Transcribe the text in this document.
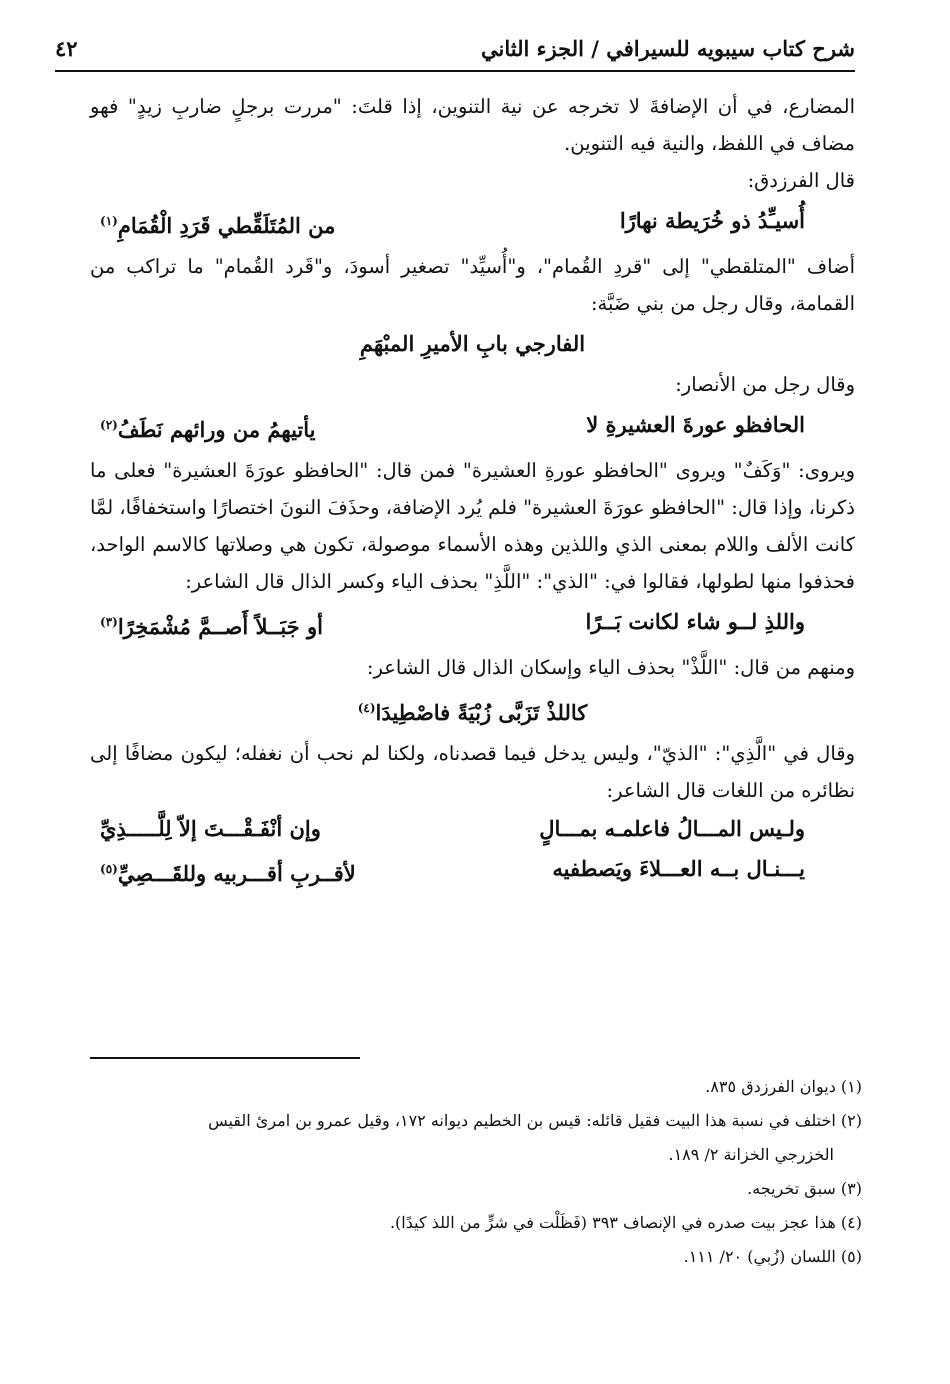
شرح كتاب سيبويه للسيرافي / الجزء الثاني
٤٢

المضارع، في أن الإضافةَ لا تخرجه عن نية التنوين، إذا قلتَ: "مررت برجلٍ ضاربِ زيدٍ" فهو مضاف في اللفظ، والنية فيه التنوين.

قال الفرزدق:

أُسيـِّدُ ذو خُرَيطة نهارًا
من المُتَلَقِّطي قَرَدِ الْقُمَامِ$^{(١)}$

أضاف "المتلقطي" إلى "قردِ القُمام"، و"أُسيِّد" تصغير أسودَ، و"قَرد القُمام" ما تراكب من القمامة، وقال رجل من بني ضَبَّة:

الفارجي بابِ الأميرِ المبْهَمِ

وقال رجل من الأنصار:

الحافظو عورةَ العشيرةِ لا
يأتيهمُ من ورائهم نَطَفُ$^{(٢)}$

ويروى: "وَكَفٌ" ويروى "الحافظو عورةِ العشيرة" فمن قال: "الحافظو عورَةَ العشيرة" فعلى ما ذكرنا، وإذا قال: "الحافظو عورَةَ العشيرة" فلم يُرد الإضافة، وحذَفَ النونَ اختصارًا واستخفافًا، لمَّا كانت الألف واللام بمعنى الذي واللذين وهذه الأسماء موصولة، تكون هي وصلاتها كالاسم الواحد، فحذفوا منها لطولها، فقالوا في: "الذي": "اللَّذِ" بحذف الياء وكسر الذال قال الشاعر:

واللذِ لــو شاء لكانت بَــرًا
أو جَبَــلاً أَصــمَّ مُشْمَخِرًا$^{(٣)}$

ومنهم من قال: "اللَّذْ" بحذف الياء وإسكان الذال قال الشاعر:

كاللذْ تَزَبَّى زُبْيَةً فاصْطِيدَا$^{(٤)}$

وقال في "الَّذِي": "الذيّ"، وليس يدخل فيما قصدناه، ولكنا لم نحب أن نغفله؛ ليكون مضافًا إلى نظائره من اللغات قال الشاعر:

ولـيس المـــالُ فاعلمـه بمـــالٍ
وإن أنْفَـقْـــتَ إلاّ لِلَّـــــذِيِّ
يـــنـال بــه العـــلاءَ ويَصطفيه
لأقــربِ أقـــربيه وللقَـــصِيِّ$^{(٥)}$

(١) ديوان الفرزدق ٨٣٥.

(٢) اختلف في نسبة هذا البيت فقيل قائله: قيس بن الخطيم ديوانه ١٧٢، وقيل عمرو بن امرئ القيس

الخزرجي الخزانة ٢/ ١٨٩.

(٣) سبق تخريجه.

(٤) هذا عجز بيت صدره في الإنصاف ٣٩٣ (فَظَلْت في شرٍّ من اللذ كيدًا).

(٥) اللسان (زُبي) ٢٠/ ١١١.
